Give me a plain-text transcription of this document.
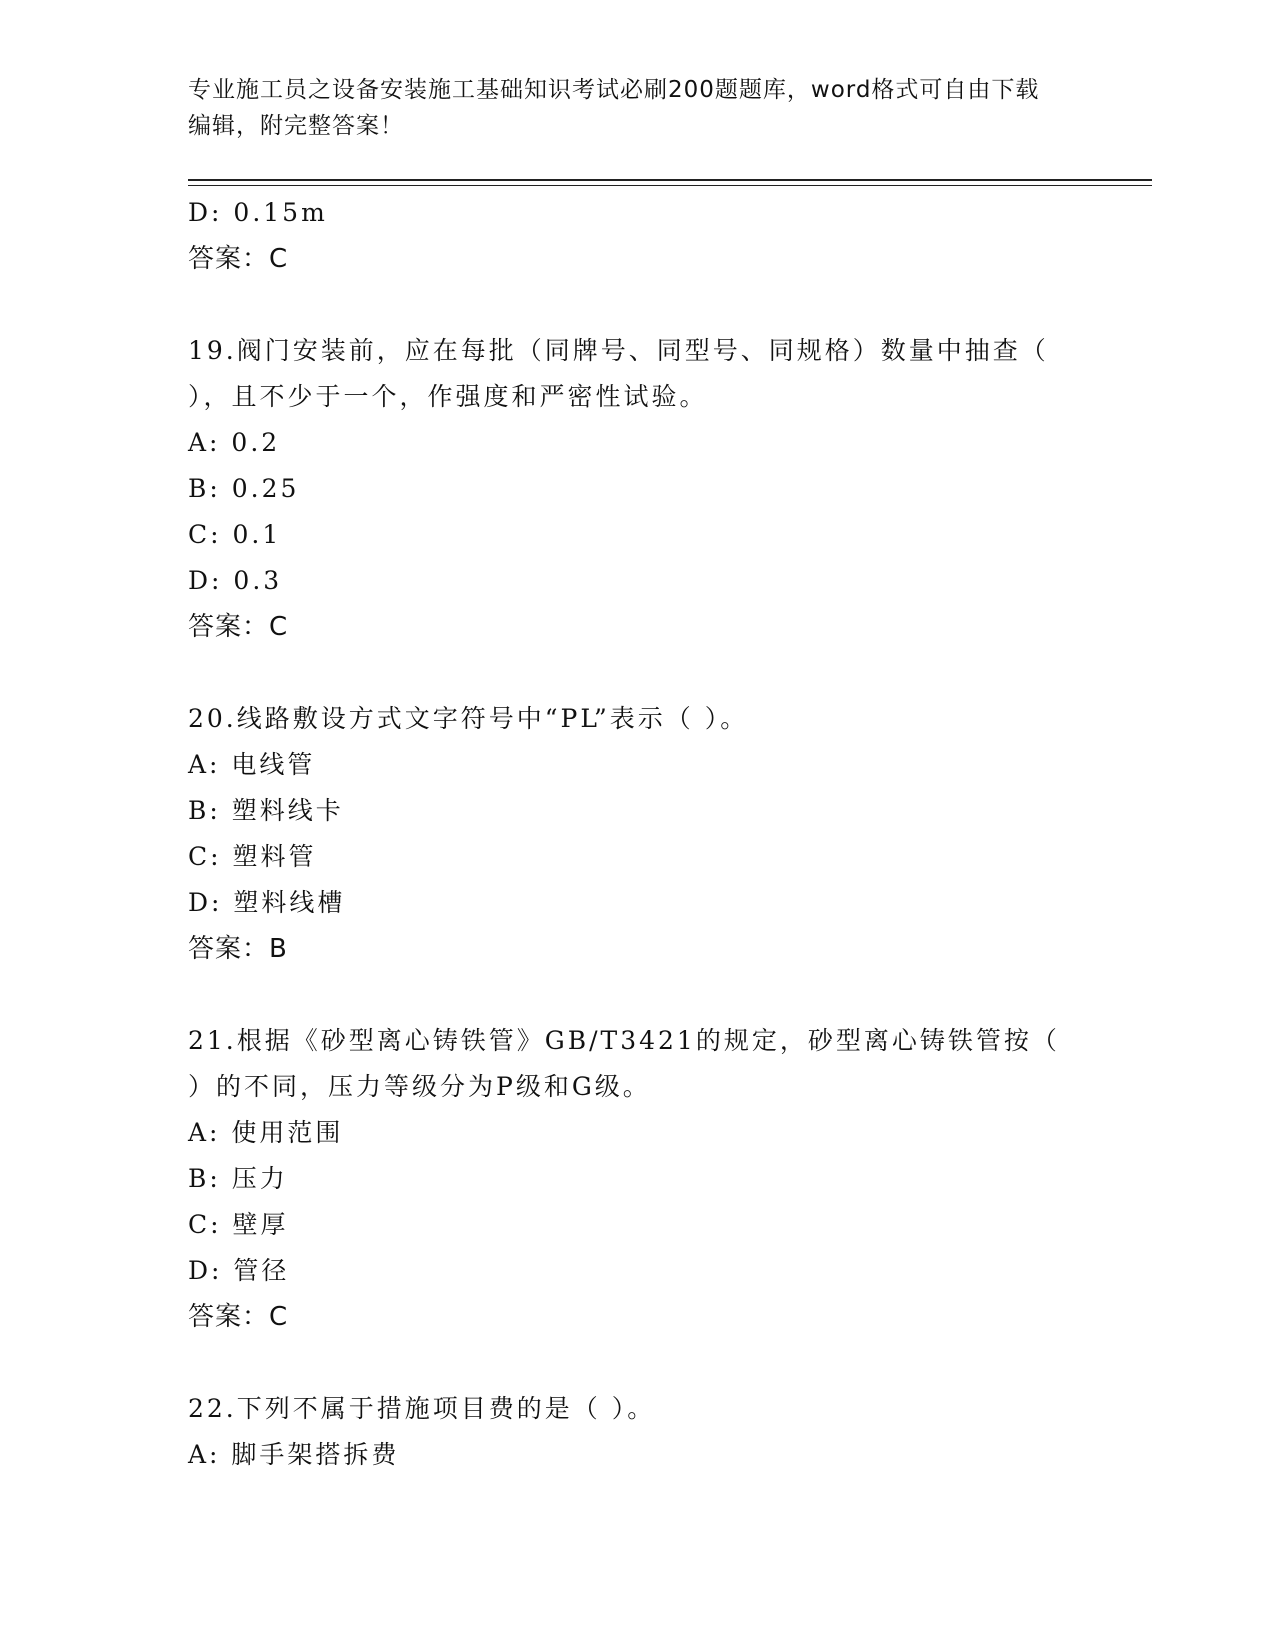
专业施工员之设备安装施工基础知识考试必刷200题题库，word格式可自由下载
编辑，附完整答案！
D: 0.15m
答案：C
19.阀门安装前，应在每批（同牌号、同型号、同规格）数量中抽查（
），且不少于一个，作强度和严密性试验。
A: 0.2
B: 0.25
C: 0.1
D: 0.3
答案：C
20.线路敷设方式文字符号中“PL”表示（ ）。
A: 电线管
B: 塑料线卡
C: 塑料管
D: 塑料线槽
答案：B
21.根据《砂型离心铸铁管》GB/T3421的规定，砂型离心铸铁管按（
）的不同，压力等级分为P级和G级。
A: 使用范围
B: 压力
C: 壁厚
D: 管径
答案：C
22.下列不属于措施项目费的是（ ）。
A: 脚手架搭拆费
